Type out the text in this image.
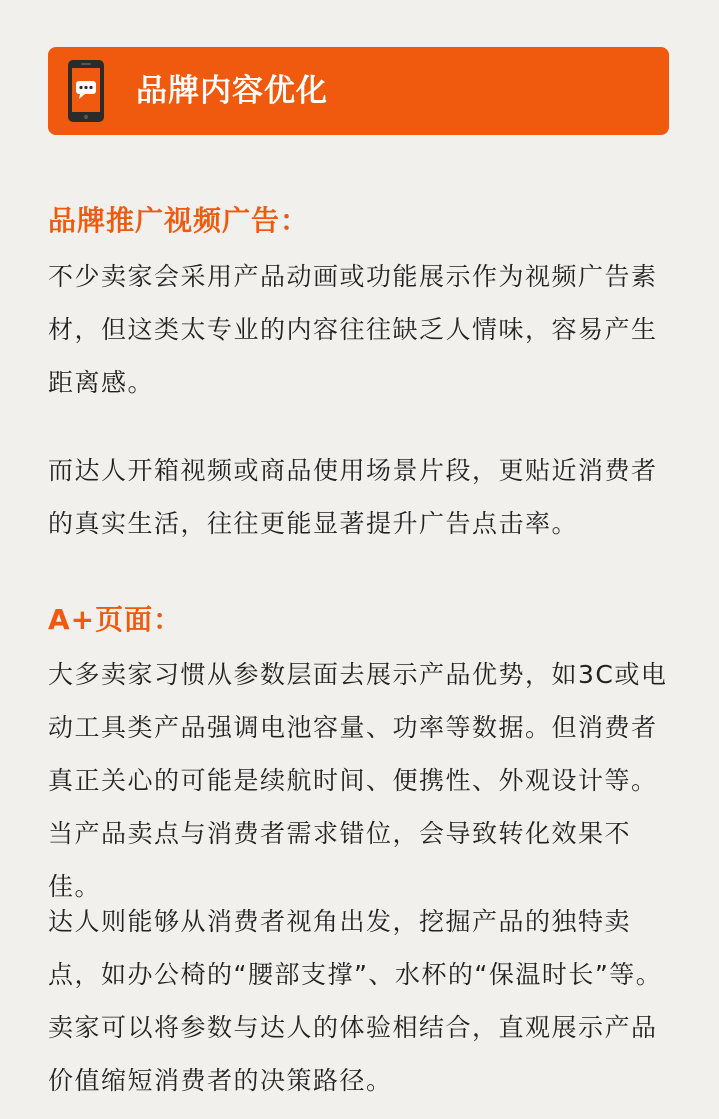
品牌内容优化
品牌推广视频广告：

不少卖家会采用产品动画或功能展示作为视频广告素材，但这类太专业的内容往往缺乏人情味，容易产生距离感。

而达人开箱视频或商品使用场景片段，更贴近消费者的真实生活，往往更能显著提升广告点击率。

A+页面：

大多卖家习惯从参数层面去展示产品优势，如3C或电动工具类产品强调电池容量、功率等数据。但消费者真正关心的可能是续航时间、便携性、外观设计等。当产品卖点与消费者需求错位，会导致转化效果不佳。

达人则能够从消费者视角出发，挖掘产品的独特卖点，如办公椅的“腰部支撑”、水杯的“保温时长”等。卖家可以将参数与达人的体验相结合，直观展示产品价值缩短消费者的决策路径。
